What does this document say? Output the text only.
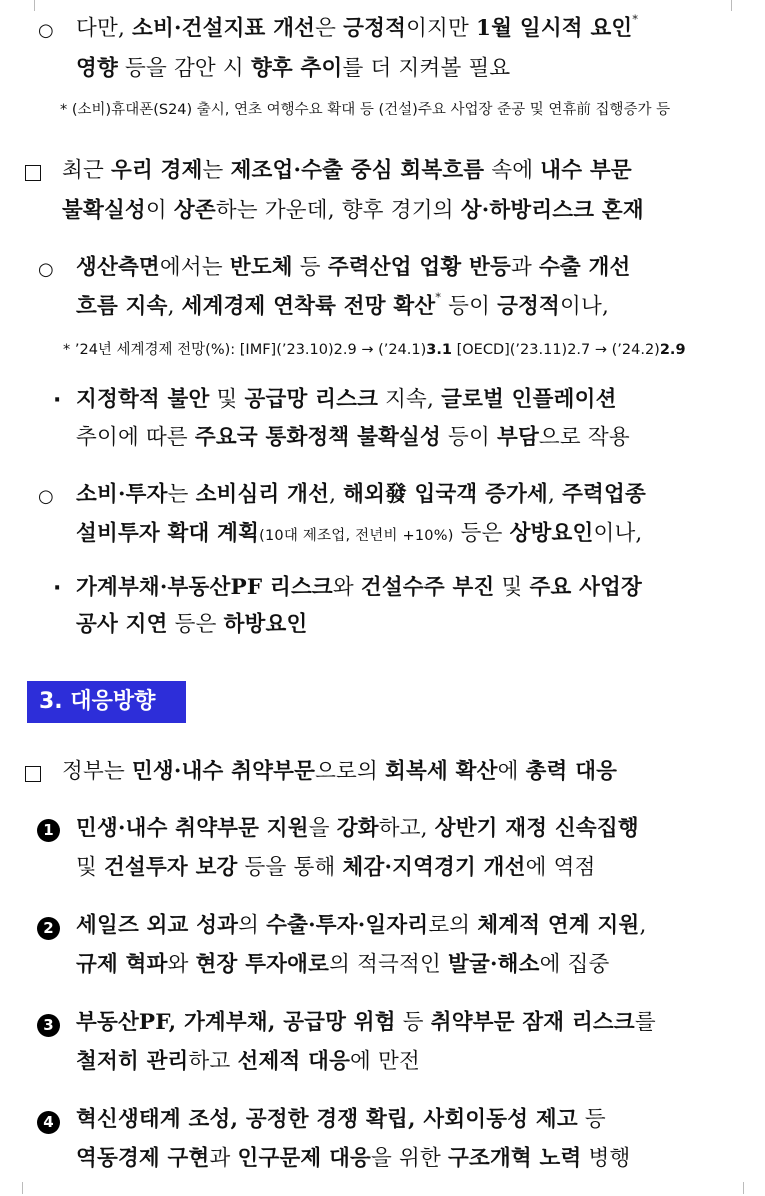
○ 다만, 소비·건설지표 개선은 긍정적이지만 1월 일시적 요인*
영향 등을 감안 시 향후 추이를 더 지켜볼 필요
* (소비)휴대폰(S24) 출시, 연초 여행수요 확대 등 (건설)주요 사업장 준공 및 연휴前 집행증가 등
최근 우리 경제는 제조업·수출 중심 회복흐름 속에 내수 부문
불확실성이 상존하는 가운데, 향후 경기의 상·하방리스크 혼재
○ 생산측면에서는 반도체 등 주력산업 업황 반등과 수출 개선
흐름 지속, 세계경제 연착륙 전망 확산* 등이 긍정적이나,
* ’24년 세계경제 전망(%): [IMF](’23.10)2.9 → (’24.1)3.1 [OECD](’23.11)2.7 → (’24.2)2.9
· 지정학적 불안 및 공급망 리스크 지속, 글로벌 인플레이션
추이에 따른 주요국 통화정책 불확실성 등이 부담으로 작용
○ 소비·투자는 소비심리 개선, 해외發 입국객 증가세, 주력업종
설비투자 확대 계획(10대 제조업, 전년비 +10%) 등은 상방요인이나,
· 가계부채·부동산PF 리스크와 건설수주 부진 및 주요 사업장
공사 지연 등은 하방요인
3. 대응방향
정부는 민생·내수 취약부문으로의 회복세 확산에 총력 대응
1 민생·내수 취약부문 지원을 강화하고, 상반기 재정 신속집행
및 건설투자 보강 등을 통해 체감·지역경기 개선에 역점
2 세일즈 외교 성과의 수출·투자·일자리로의 체계적 연계 지원,
규제 혁파와 현장 투자애로의 적극적인 발굴·해소에 집중
3 부동산PF, 가계부채, 공급망 위험 등 취약부문 잠재 리스크를
철저히 관리하고 선제적 대응에 만전
4 혁신생태계 조성, 공정한 경쟁 확립, 사회이동성 제고 등
역동경제 구현과 인구문제 대응을 위한 구조개혁 노력 병행
